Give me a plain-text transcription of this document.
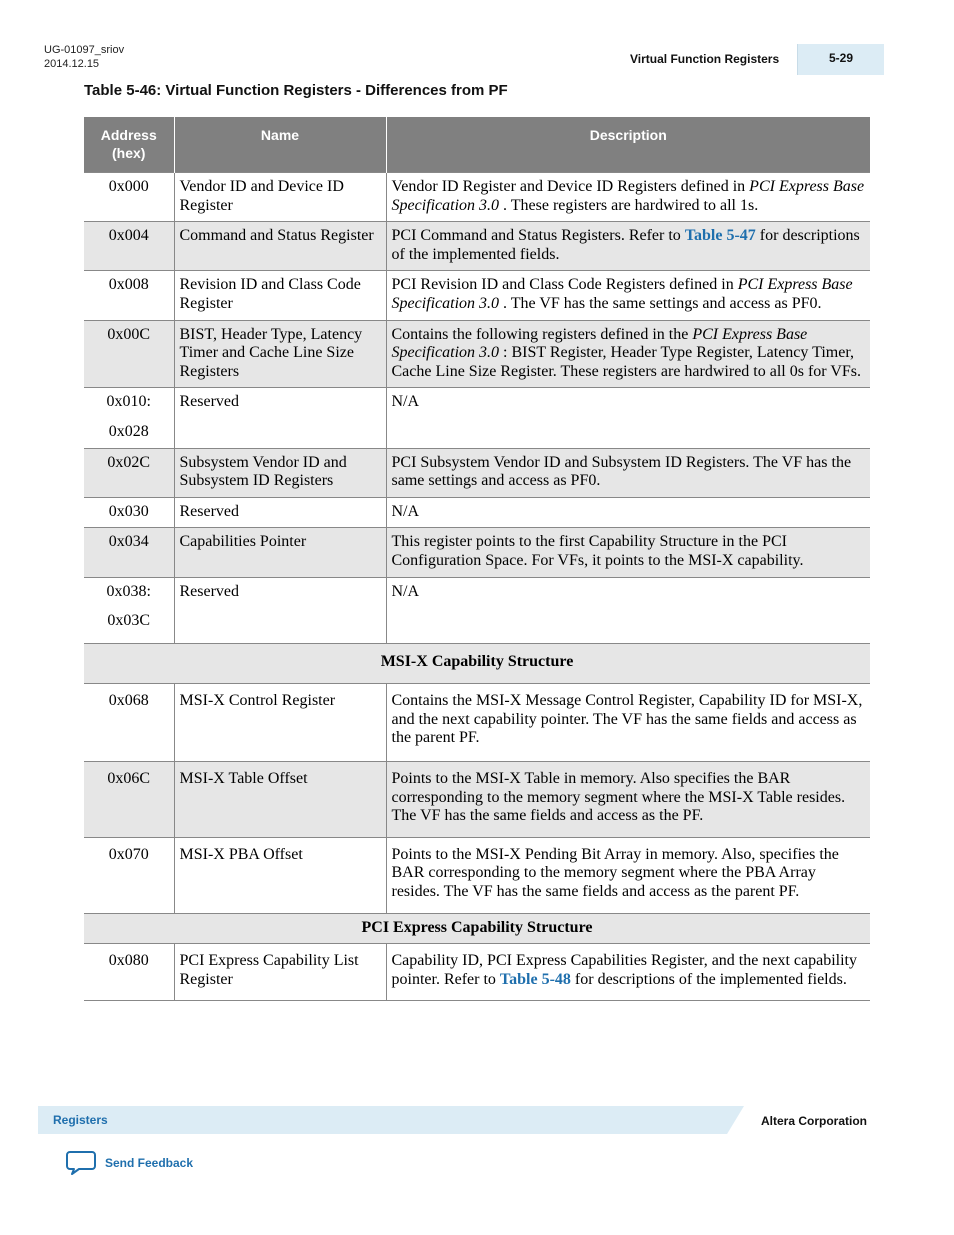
UG-01097_sriov
2014.12.15	Virtual Function Registers	5-29
Table 5-46: Virtual Function Registers - Differences from PF
Address (hex)	Name	Description
0x000	Vendor ID and Device ID Register	Vendor ID Register and Device ID Registers defined in PCI Express Base Specification 3.0 . These registers are hardwired to all 1s.
0x004	Command and Status Register	PCI Command and Status Registers. Refer to Table 5-47 for descriptions of the implemented fields.
0x008	Revision ID and Class Code Register	PCI Revision ID and Class Code Registers defined in PCI Express Base Specification 3.0 . The VF has the same settings and access as PF0.
0x00C	BIST, Header Type, Latency Timer and Cache Line Size Registers	Contains the following registers defined in the PCI Express Base Specification 3.0 : BIST Register, Header Type Register, Latency Timer, Cache Line Size Register. These registers are hardwired to all 0s for VFs.

0x010:
0x028	Reserved	N/A
0x02C	Subsystem Vendor ID and Subsystem ID Registers	PCI Subsystem Vendor ID and Subsystem ID Registers. The VF has the same settings and access as PF0.
0x030	Reserved	N/A
0x034	Capabilities Pointer	This register points to the first Capability Structure in the PCI Configuration Space. For VFs, it points to the MSI-X capability.

0x038:
0x03C	Reserved	N/A
MSI-X Capability Structure		
0x068	MSI-X Control Register	Contains the MSI-X Message Control Register, Capability ID for MSI-X, and the next capability pointer. The VF has the same fields and access as the parent PF.
0x06C	MSI-X Table Offset	Points to the MSI-X Table in memory. Also specifies the BAR corresponding to the memory segment where the MSI-X Table resides. The VF has the same fields and access as the PF.
0x070	MSI-X PBA Offset	Points to the MSI-X Pending Bit Array in memory. Also, specifies the BAR corresponding to the memory segment where the PBA Array resides. The VF has the same fields and access as the parent PF.
PCI Express Capability Structure		
0x080	PCI Express Capability List Register	Capability ID, PCI Express Capabilities Register, and the next capability pointer. Refer to Table 5-48 for descriptions of the implemented fields.
Registers	Altera Corporation
Send Feedback
